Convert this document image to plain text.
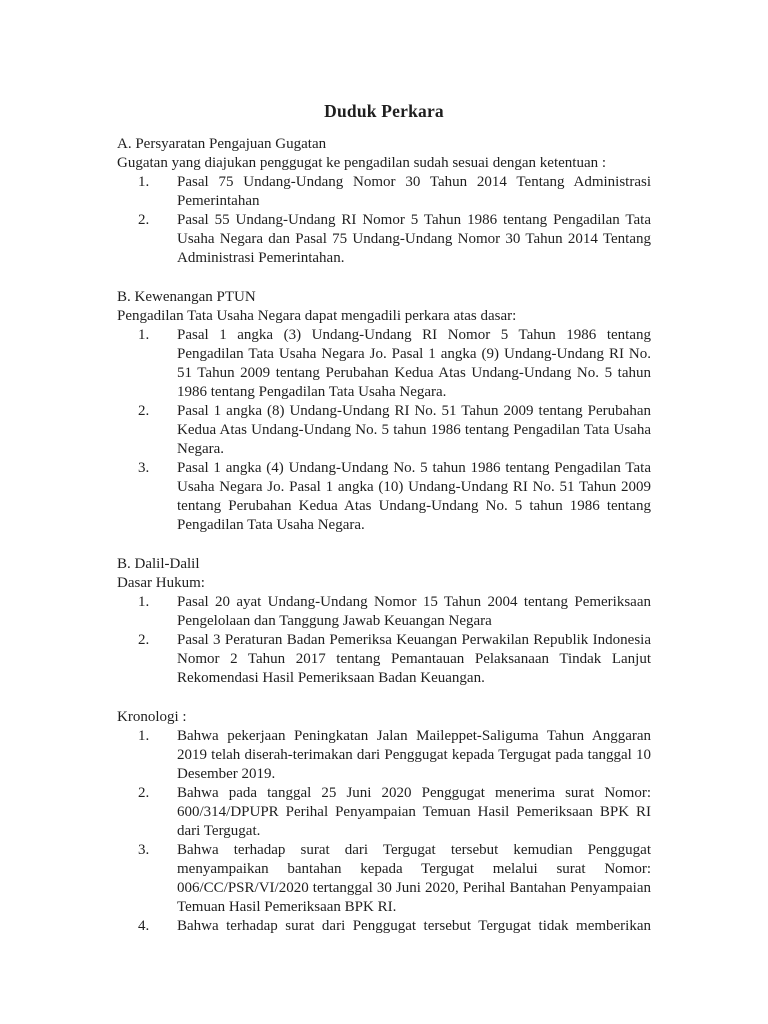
Duduk Perkara
A. Persyaratan Pengajuan Gugatan
Gugatan yang diajukan penggugat ke pengadilan sudah sesuai dengan ketentuan :
1. Pasal 75 Undang-Undang Nomor 30 Tahun 2014 Tentang Administrasi Pemerintahan
2. Pasal 55 Undang-Undang RI Nomor 5 Tahun 1986 tentang Pengadilan Tata Usaha Negara dan Pasal 75 Undang-Undang Nomor 30 Tahun 2014 Tentang Administrasi Pemerintahan.
B. Kewenangan PTUN
Pengadilan Tata Usaha Negara dapat mengadili perkara atas dasar:
1. Pasal 1 angka (3) Undang-Undang RI Nomor 5 Tahun 1986 tentang Pengadilan Tata Usaha Negara Jo. Pasal 1 angka (9) Undang-Undang RI No. 51 Tahun 2009 tentang Perubahan Kedua Atas Undang-Undang No. 5 tahun 1986 tentang Pengadilan Tata Usaha Negara.
2. Pasal 1 angka (8) Undang-Undang RI No. 51 Tahun 2009 tentang Perubahan Kedua Atas Undang-Undang No. 5 tahun 1986 tentang Pengadilan Tata Usaha Negara.
3. Pasal 1 angka (4) Undang-Undang No. 5 tahun 1986 tentang Pengadilan Tata Usaha Negara Jo. Pasal 1 angka (10) Undang-Undang RI No. 51 Tahun 2009 tentang Perubahan Kedua Atas Undang-Undang No. 5 tahun 1986 tentang Pengadilan Tata Usaha Negara.
B. Dalil-Dalil
Dasar Hukum:
1. Pasal 20 ayat Undang-Undang Nomor 15 Tahun 2004 tentang Pemeriksaan Pengelolaan dan Tanggung Jawab Keuangan Negara
2. Pasal 3 Peraturan Badan Pemeriksa Keuangan Perwakilan Republik Indonesia Nomor 2 Tahun 2017 tentang Pemantauan Pelaksanaan Tindak Lanjut Rekomendasi Hasil Pemeriksaan Badan Keuangan.
Kronologi :
1. Bahwa pekerjaan Peningkatan Jalan Maileppet-Saliguma Tahun Anggaran 2019 telah diserah-terimakan dari Penggugat kepada Tergugat pada tanggal 10 Desember 2019.
2. Bahwa pada tanggal 25 Juni 2020 Penggugat menerima surat Nomor: 600/314/DPUPR Perihal Penyampaian Temuan Hasil Pemeriksaan BPK RI dari Tergugat.
3. Bahwa terhadap surat dari Tergugat tersebut kemudian Penggugat menyampaikan bantahan kepada Tergugat melalui surat Nomor: 006/CC/PSR/VI/2020 tertanggal 30 Juni 2020, Perihal Bantahan Penyampaian Temuan Hasil Pemeriksaan BPK RI.
4. Bahwa terhadap surat dari Penggugat tersebut Tergugat tidak memberikan
